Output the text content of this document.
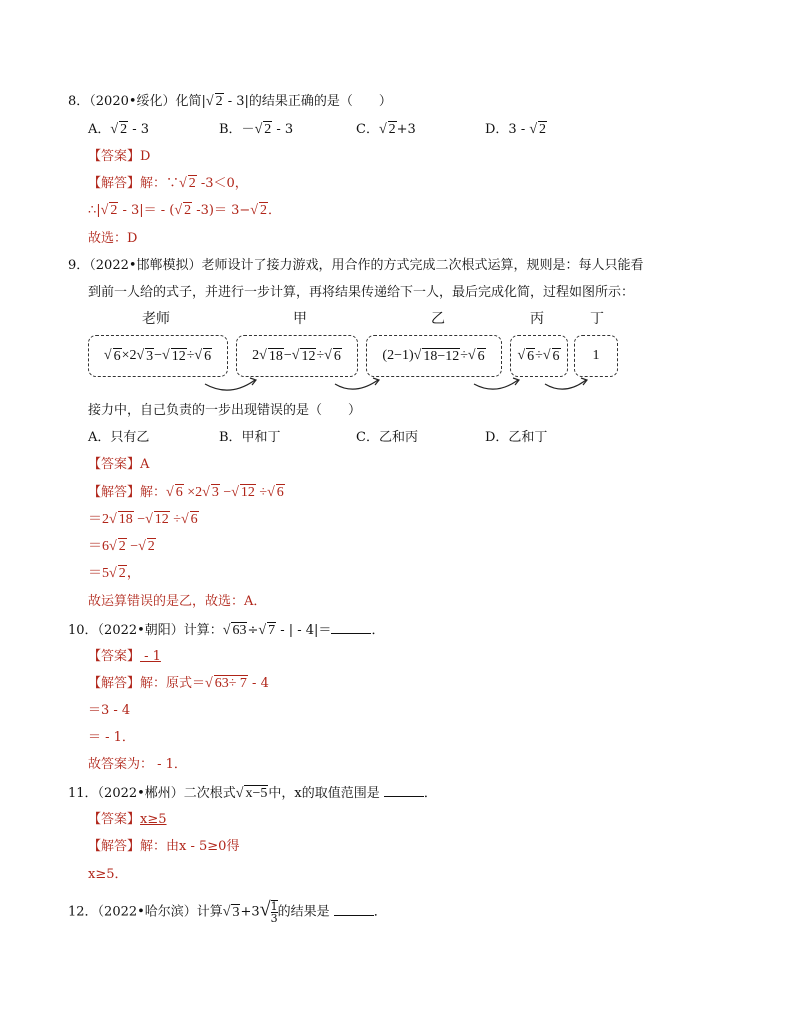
8．（2020•绥化）化简|√ 2 - 3|的结果正确的是（　　）
A．√ 2 - 3	B．－√ 2 - 3	C．√ 2+3	D．3 - √ 2
【答案】D
【解答】解：∵√ 2 -3＜0，
∴|√ 2 - 3|＝ - (√ 2 -3)＝ 3−√ 2．
故选：D
9．（2022•邯郸模拟）老师设计了接力游戏，用合作的方式完成二次根式运算，规则是：每人只能看
到前一人给的式子，并进行一步计算，再将结果传递给下一人，最后完成化简，过程如图所示：
老师	甲	乙	丙	丁
√ 6 ×2√ 3 −√ 12 ÷√ 6	2√ 18 −√ 12 ÷√ 6	(2−1)√ 18−12 ÷√ 6	√ 6 ÷√ 6	1
接力中，自己负责的一步出现错误的是（　　）
A．只有乙	B．甲和丁	C．乙和丙	D．乙和丁
【答案】A
【解答】解：√ 6 ×2√ 3 −√ 12 ÷√ 6
＝2√ 18 −√ 12 ÷√ 6
＝6√ 2 −√ 2
＝5√ 2，
故运算错误的是乙，故选：A．
10．（2022•朝阳）计算：√ 63÷√ 7 - | - 4|＝	．
【答案】 - 1
【解答】解：原式＝√ 63÷ 7 - 4
＝3 - 4
＝ - 1．
故答案为： - 1．
11．（2022•郴州）二次根式√ x−5中，x的取值范围是	．
【答案】x≥5
【解答】解：由x - 5≥0得
x≥5．
12．（2022•哈尔滨）计算√ $3+3√ \frac{1}{3}$ 的结果是	．
